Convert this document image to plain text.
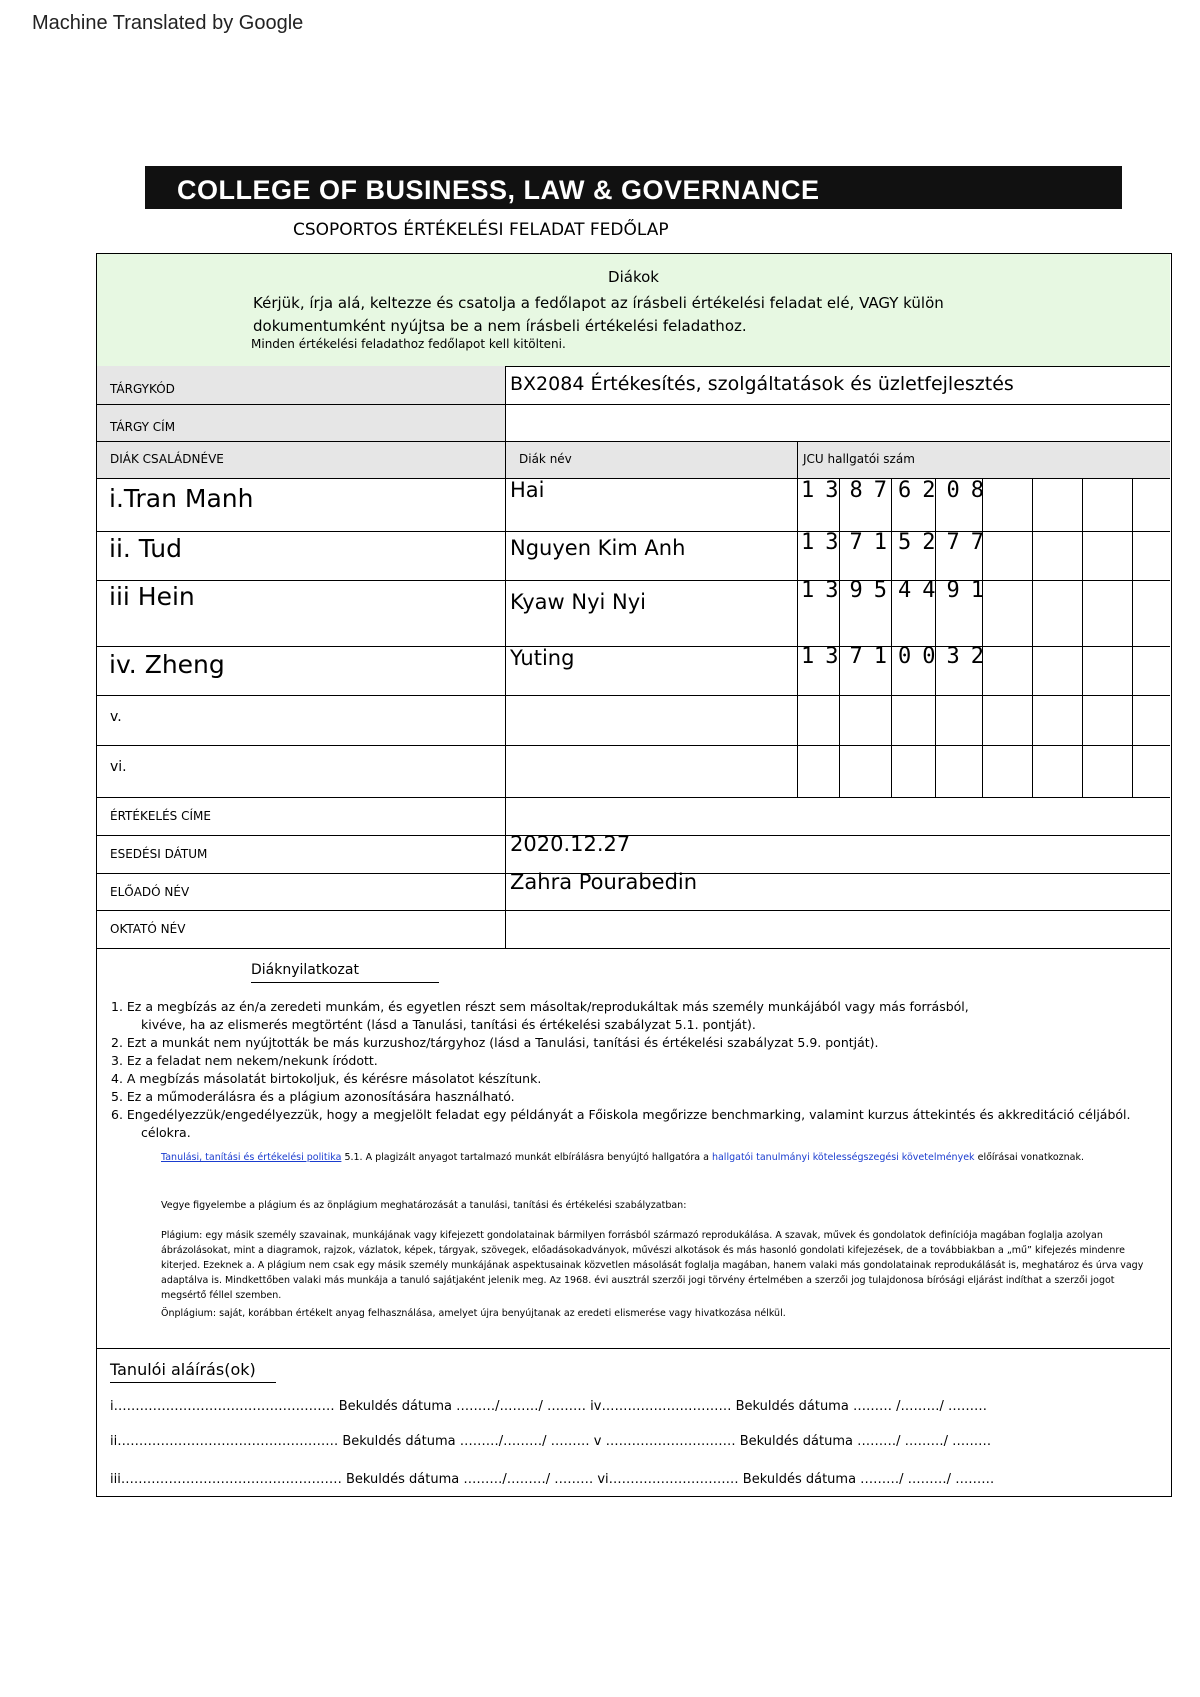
Machine Translated by Google
COLLEGE OF BUSINESS, LAW & GOVERNANCE
CSOPORTOS ÉRTÉKELÉSI FELADAT FEDŐLAP
Diákok
Kérjük, írja alá, keltezze és csatolja a fedőlapot az írásbeli értékelési feladat elé, VAGY külön dokumentumként nyújtsa be a nem írásbeli értékelési feladathoz.
Minden értékelési feladathoz fedőlapot kell kitölteni.
TÁRGYKÓD	BX2084 Értékesítés, szolgáltatások és üzletfejlesztés
TÁRGY CÍM
DIÁK CSALÁDNÉVE	Diák név	JCU hallgatói szám
i.Tran Manh	Hai	13876208
ii. Tud	Nguyen Kim Anh	13715277
iii Hein	Kyaw Nyi Nyi	13954491
iv. Zheng	Yuting	13710032
v.
vi.
ÉRTÉKELÉS CÍME
ESEDÉSI DÁTUM	2020.12.27
ELŐADÓ NÉV	Zahra Pourabedin
OKTATÓ NÉV
Diáknyilatkozat
1. Ez a megbízás az én/a zeredeti munkám, és egyetlen részt sem másoltak/reprodukáltak más személy munkájából vagy más forrásból,
kivéve, ha az elismerés megtörtént (lásd a Tanulási, tanítási és értékelési szabályzat 5.1. pontját).
2. Ezt a munkát nem nyújtották be más kurzushoz/tárgyhoz (lásd a Tanulási, tanítási és értékelési szabályzat 5.9. pontját).
3. Ez a feladat nem nekem/nekunk íródott.
4. A megbízás másolatát birtokoljuk, és kérésre másolatot készítunk.
5. Ez a műmoderálásra és a plágium azonosítására használható.
6. Engedélyezzük/engedélyezzük, hogy a megjelölt feladat egy példányát a Főiskola megőrizze benchmarking, valamint kurzus áttekintés és akkreditáció céljából.
célokra.
Tanulási, tanítási és értékelési politika 5.1. A plagizált anyagot tartalmazó munkát elbírálásra benyújtó hallgatóra a hallgatói tanulmányi kötelességszegési követelmények előírásai vonatkoznak.
Vegye figyelembe a plágium és az önplágium meghatározását a tanulási, tanítási és értékelési szabályzatban:
Plágium: egy másik személy szavainak, munkájának vagy kifejezett gondolatainak bármilyen forrásból származó reprodukálása. A szavak, művek és gondolatok definíciója magában foglalja azolyan ábrázolásokat, mint a diagramok, rajzok, vázlatok, képek, tárgyak, szövegek, előadásokadványok, művészi alkotások és más hasonló gondolati kifejezések, de a továbbiakban a „mű” kifejezés mindenre kiterjed. Ezeknek a. A plágium nem csak egy másik személy munkájának aspektusainak közvetlen másolását foglalja magában, hanem valaki más gondolatainak reprodukálását is, meghatároz és úrva vagy adaptálva is. Mindkettőben valaki más munkája a tanuló sajátjaként jelenik meg. Az 1968. évi ausztrál szerzői jogi törvény értelmében a szerzői jog tulajdonosa bírósági eljárást indíthat a szerzői jogot megsértő féllel szemben.
Önplágium: saját, korábban értékelt anyag felhasználása, amelyet újra benyújtanak az eredeti elismerése vagy hivatkozása nélkül.
Tanulói aláírás(ok)
i…………………………………………… Bekuldés dátuma ………/………/ ……… iv………………………… Bekuldés dátuma ……… /………/ ………
ii…………………………………………… Bekuldés dátuma ………/………/ ……… v ………………………… Bekuldés dátuma ………/ ………/ ………
iii…………………………………………… Bekuldés dátuma ………/………/ ……… vi………………………… Bekuldés dátuma ………/ ………/ ………
